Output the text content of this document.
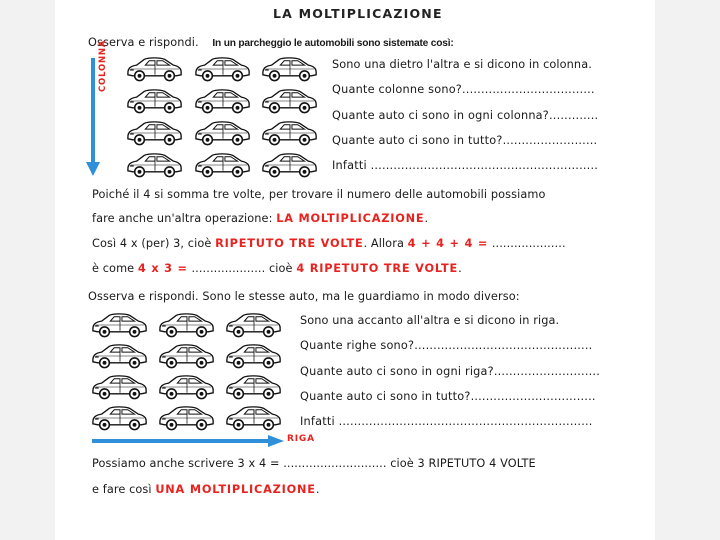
LA MOLTIPLICAZIONE
Osserva e rispondi. In un parcheggio le automobili sono sistemate così:
COLONNA	Sono una dietro l'altra e si dicono in colonna.
Quante colonne sono?...................................
Quante auto ci sono in ogni colonna?.............
Quante auto ci sono in tutto?.........................
Infatti ............................................................
Poiché il 4 si somma tre volte, per trovare il numero delle automobili possiamo
fare anche un'altra operazione: LA MOLTIPLICAZIONE.
Così 4 x (per) 3, cioè RIPETUTO TRE VOLTE. Allora 4 + 4 + 4 = ....................
è come 4 x 3 = .................... cioè 4 RIPETUTO TRE VOLTE.
Osserva e rispondi. Sono le stesse auto, ma le guardiamo in modo diverso:
RIGA
Sono una accanto all'altra e si dicono in riga.
Quante righe sono?...............................................
Quante auto ci sono in ogni riga?............................
Quante auto ci sono in tutto?.................................
Infatti ...................................................................
Possiamo anche scrivere 3 x 4 = ............................ cioè 3 RIPETUTO 4 VOLTE
e fare così UNA MOLTIPLICAZIONE.
